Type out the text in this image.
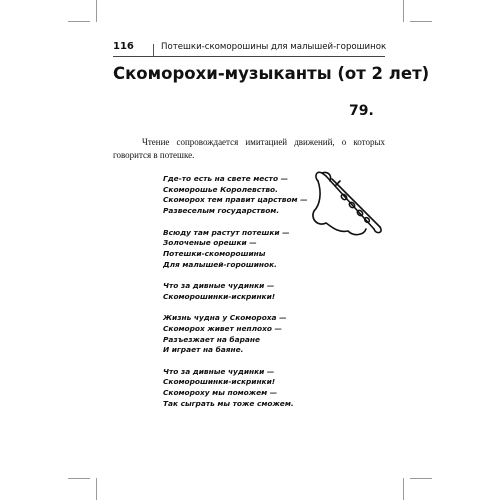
116	Потешки-скоморошины для малышей-горошинок
Скоморохи-музыканты (от 2 лет)
79.

Чтение сопровождается имитацией движений, о которых говорится в потешке.

Где-то есть на свете место —
Скоморошье Королевство.
Скоморох тем правит царством —
Развеселым государством.
Всюду там растут потешки —
Золоченые орешки —
Потешки-скоморошины
Для малышей-горошинок.
Что за дивные чудинки —
Скоморошинки-искринки!
Жизнь чудна у Скомороха —
Скоморох живет неплохо —
Разъезжает на баране
И играет на баяне.
Что за дивные чудинки —
Скоморошинки-искринки!
Скомороху мы поможем —
Так сыграть мы тоже сможем.
